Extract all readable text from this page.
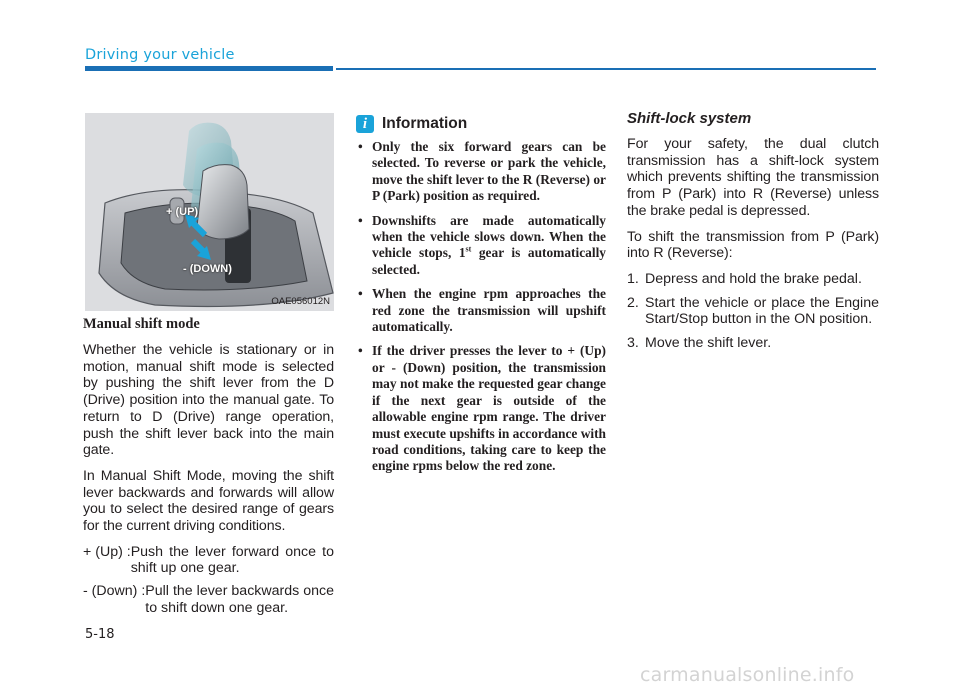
Driving your vehicle
+ (UP)
- (DOWN)
OAE056012N
Manual shift mode

Whether the vehicle is stationary or in motion, manual shift mode is selected by pushing the shift lever from the D (Drive) position into the manual gate. To return to D (Drive) range operation, push the shift lever back into the main gate.

In Manual Shift Mode, moving the shift lever backwards and forwards will allow you to select the desired range of gears for the current driving conditions.

+ (Up) : Push the lever forward once to shift up one gear.
- (Down) : Pull the lever backwards once to shift down one gear.
i Information
• Only the six forward gears can be selected. To reverse or park the vehicle, move the shift lever to the R (Reverse) or P (Park) position as required.
• Downshifts are made automatically when the vehicle slows down. When the vehicle stops, 1st gear is automatically selected.
• When the engine rpm approaches the red zone the transmission will upshift automatically.
• If the driver presses the lever to + (Up) or - (Down) position, the transmission may not make the requested gear change if the next gear is outside of the allowable engine rpm range. The driver must execute upshifts in accordance with road conditions, taking care to keep the engine rpms below the red zone.
Shift-lock system

For your safety, the dual clutch transmission has a shift-lock system which prevents shifting the transmission from P (Park) into R (Reverse) unless the brake pedal is depressed.

To shift the transmission from P (Park) into R (Reverse):

1. Depress and hold the brake pedal.
2. Start the vehicle or place the Engine Start/Stop button in the ON position.
3. Move the shift lever.
5-18
carmanualsonline.info
